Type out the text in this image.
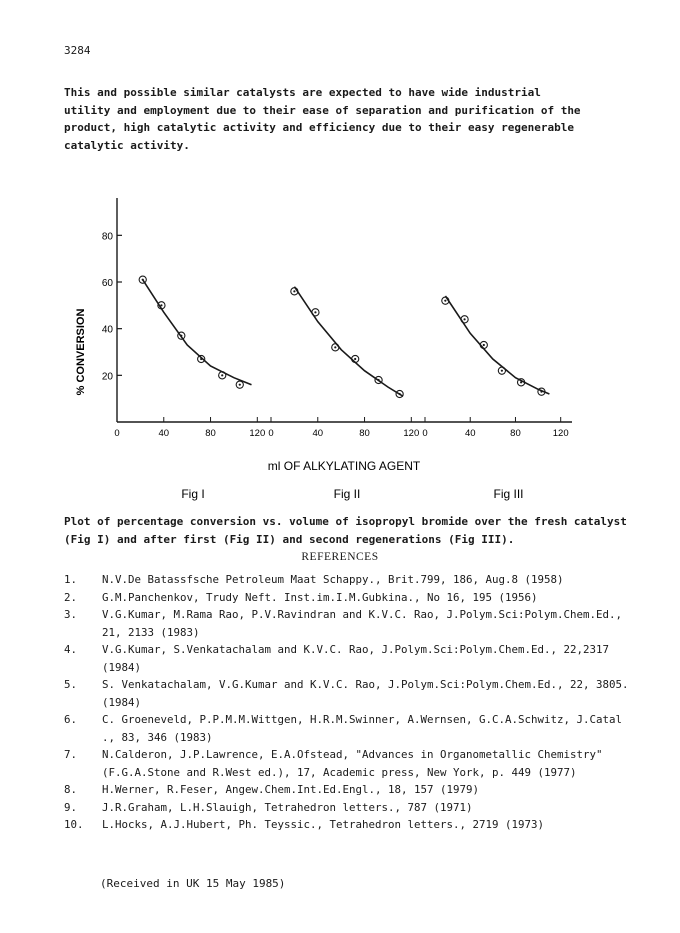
3284
This and possible similar catalysts are expected to have wide industrial
utility and employment due to their ease of separation and purification of the
product, high catalytic activity and efficiency due to their easy regenerable
catalytic activity.
80
60
40
20
0	40	80	120
Fig I
0	40	80	120
Fig II
0	40	80	120
Fig III
% CONVERSION
ml OF ALKYLATING AGENT
Plot of percentage conversion vs. volume of isopropyl bromide over the fresh catalyst (Fig I) and after first (Fig II) and second regenerations (Fig III).
REFERENCES
1. N.V.De Batassfsche Petroleum Maat Schappy., Brit.799, 186, Aug.8 (1958)
2. G.M.Panchenkov, Trudy Neft. Inst.im.I.M.Gubkina., No 16, 195 (1956)
3. V.G.Kumar, M.Rama Rao, P.V.Ravindran and K.V.C. Rao, J.Polym.Sci:Polym.Chem.Ed., 21, 2133 (1983)
4. V.G.Kumar, S.Venkatachalam and K.V.C. Rao, J.Polym.Sci:Polym.Chem.Ed., 22,2317 (1984)
5. S. Venkatachalam, V.G.Kumar and K.V.C. Rao, J.Polym.Sci:Polym.Chem.Ed., 22, 3805.(1984)
6. C. Groeneveld, P.P.M.M.Wittgen, H.R.M.Swinner, A.Wernsen, G.C.A.Schwitz, J.Catal ., 83, 346 (1983)
7. N.Calderon, J.P.Lawrence, E.A.Ofstead, "Advances in Organometallic Chemistry" (F.G.A.Stone and R.West ed.), 17, Academic press, New York, p. 449 (1977)
8. H.Werner, R.Feser, Angew.Chem.Int.Ed.Engl., 18, 157 (1979)
9. J.R.Graham, L.H.Slauigh, Tetrahedron letters., 787 (1971)
10. L.Hocks, A.J.Hubert, Ph. Teyssic., Tetrahedron letters., 2719 (1973)
(Received in UK 15 May 1985)
